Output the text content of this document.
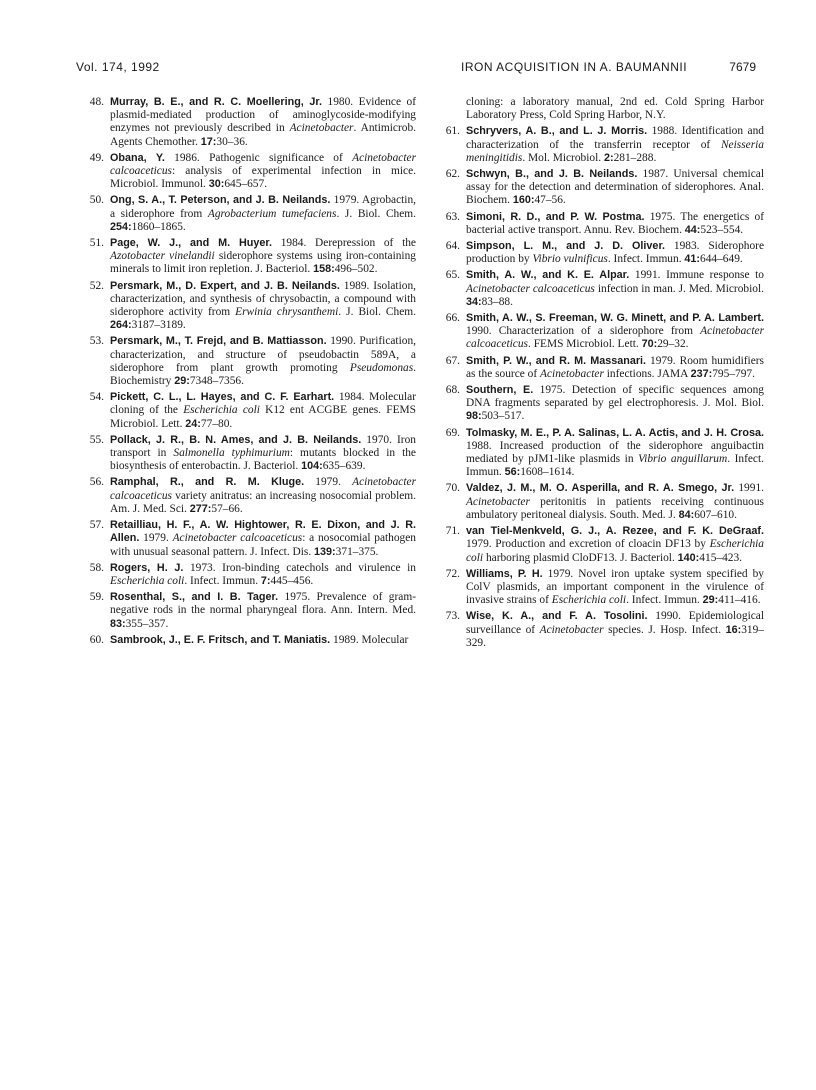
Vol. 174, 1992	IRON ACQUISITION IN A. BAUMANNII	7679

48. Murray, B. E., and R. C. Moellering, Jr. 1980. Evidence of plasmid-mediated production of aminoglycoside-modifying enzymes not previously described in Acinetobacter. Antimicrob. Agents Chemother. 17:30–36.

49. Obana, Y. 1986. Pathogenic significance of Acinetobacter calcoaceticus: analysis of experimental infection in mice. Microbiol. Immunol. 30:645–657.

50. Ong, S. A., T. Peterson, and J. B. Neilands. 1979. Agrobactin, a siderophore from Agrobacterium tumefaciens. J. Biol. Chem. 254:1860–1865.

51. Page, W. J., and M. Huyer. 1984. Derepression of the Azotobacter vinelandii siderophore systems using iron-containing minerals to limit iron repletion. J. Bacteriol. 158:496–502.

52. Persmark, M., D. Expert, and J. B. Neilands. 1989. Isolation, characterization, and synthesis of chrysobactin, a compound with siderophore activity from Erwinia chrysanthemi. J. Biol. Chem. 264:3187–3189.

53. Persmark, M., T. Frejd, and B. Mattiasson. 1990. Purification, characterization, and structure of pseudobactin 589A, a siderophore from plant growth promoting Pseudomonas. Biochemistry 29:7348–7356.

54. Pickett, C. L., L. Hayes, and C. F. Earhart. 1984. Molecular cloning of the Escherichia coli K12 ent ACGBE genes. FEMS Microbiol. Lett. 24:77–80.

55. Pollack, J. R., B. N. Ames, and J. B. Neilands. 1970. Iron transport in Salmonella typhimurium: mutants blocked in the biosynthesis of enterobactin. J. Bacteriol. 104:635–639.

56. Ramphal, R., and R. M. Kluge. 1979. Acinetobacter calcoaceticus variety anitratus: an increasing nosocomial problem. Am. J. Med. Sci. 277:57–66.

57. Retailliau, H. F., A. W. Hightower, R. E. Dixon, and J. R. Allen. 1979. Acinetobacter calcoaceticus: a nosocomial pathogen with unusual seasonal pattern. J. Infect. Dis. 139:371–375.

58. Rogers, H. J. 1973. Iron-binding catechols and virulence in Escherichia coli. Infect. Immun. 7:445–456.

59. Rosenthal, S., and I. B. Tager. 1975. Prevalence of gram-negative rods in the normal pharyngeal flora. Ann. Intern. Med. 83:355–357.

60. Sambrook, J., E. F. Fritsch, and T. Maniatis. 1989. Molecular

cloning: a laboratory manual, 2nd ed. Cold Spring Harbor Laboratory Press, Cold Spring Harbor, N.Y.

61. Schryvers, A. B., and L. J. Morris. 1988. Identification and characterization of the transferrin receptor of Neisseria meningitidis. Mol. Microbiol. 2:281–288.

62. Schwyn, B., and J. B. Neilands. 1987. Universal chemical assay for the detection and determination of siderophores. Anal. Biochem. 160:47–56.

63. Simoni, R. D., and P. W. Postma. 1975. The energetics of bacterial active transport. Annu. Rev. Biochem. 44:523–554.

64. Simpson, L. M., and J. D. Oliver. 1983. Siderophore production by Vibrio vulnificus. Infect. Immun. 41:644–649.

65. Smith, A. W., and K. E. Alpar. 1991. Immune response to Acinetobacter calcoaceticus infection in man. J. Med. Microbiol. 34:83–88.

66. Smith, A. W., S. Freeman, W. G. Minett, and P. A. Lambert. 1990. Characterization of a siderophore from Acinetobacter calcoaceticus. FEMS Microbiol. Lett. 70:29–32.

67. Smith, P. W., and R. M. Massanari. 1979. Room humidifiers as the source of Acinetobacter infections. JAMA 237:795–797.

68. Southern, E. 1975. Detection of specific sequences among DNA fragments separated by gel electrophoresis. J. Mol. Biol. 98:503–517.

69. Tolmasky, M. E., P. A. Salinas, L. A. Actis, and J. H. Crosa. 1988. Increased production of the siderophore anguibactin mediated by pJM1-like plasmids in Vibrio anguillarum. Infect. Immun. 56:1608–1614.

70. Valdez, J. M., M. O. Asperilla, and R. A. Smego, Jr. 1991. Acinetobacter peritonitis in patients receiving continuous ambulatory peritoneal dialysis. South. Med. J. 84:607–610.

71. van Tiel-Menkveld, G. J., A. Rezee, and F. K. DeGraaf. 1979. Production and excretion of cloacin DF13 by Escherichia coli harboring plasmid CloDF13. J. Bacteriol. 140:415–423.

72. Williams, P. H. 1979. Novel iron uptake system specified by ColV plasmids, an important component in the virulence of invasive strains of Escherichia coli. Infect. Immun. 29:411–416.

73. Wise, K. A., and F. A. Tosolini. 1990. Epidemiological surveillance of Acinetobacter species. J. Hosp. Infect. 16:319–329.
